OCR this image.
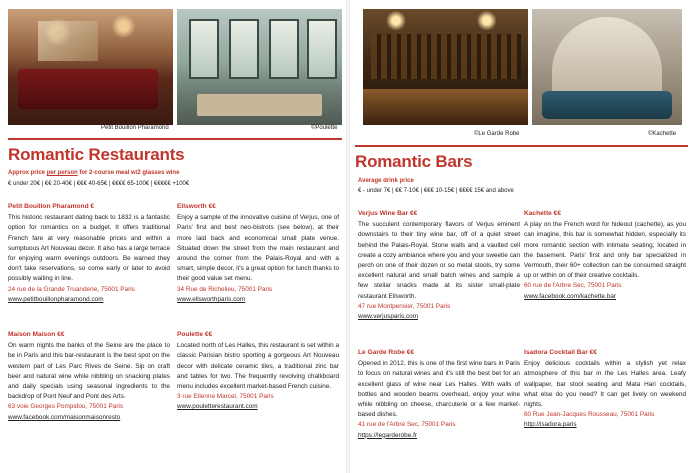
Petit Bouillon Pharamond	©Poulette
Romantic Restaurants
Approx price per person for 2-course meal w/2 glasses wine
€ under 20€ | €€ 20-40€ | €€€ 40-65€ | €€€€ 65-100€ | €€€€€ +100€
Petit Bouillon Pharamond €
This historic restaurant dating back to 1832 is a fantastic option for romantics on a budget. It offers traditional French fare at very reasonable prices and within a sumptuous Art Nouveau decor. It also has a large terrace for enjoying warm evenings outdoors. Be warned they don't take reservations, so come early or later to avoid possibly waiting in line.
24 rue de la Grande Truanderie, 75001 Paris
www.petitbouillonpharamond.com
Maison Maison €€
On warm nights the banks of the Seine are the place to be in Paris and this bar-restaurant is the best spot on the western part of Les Parc Rives de Seine. Sip on craft beer and natural wine while nibbling on snacking plates and daily specials using seasonal ingredients to the backdrop of Pont Neuf and Pont des Arts.
63 voie Georges Pompidou, 75001 Paris
www.facebook.com/maisonmaisonresto
Ellsworth €€
Enjoy a sample of the innovative cuisine of Verjus, one of Paris' first and best neo-bistrots (see below), at their more laid back and economical small plate venue. Situated down the street from the main restaurant and around the corner from the Palais-Royal and with a smart, simple decor, it's a great option for lunch thanks to their good value set menu.
34 Rue de Richelieu, 75001 Paris
www.ellsworthparis.com
Poulette €€
Located north of Les Halles, this restaurant is set within a classic Parisian bistro sporting a gorgeous Art Nouveau decor with delicate ceramic tiles, a traditional zinc bar and tables for two. The frequently revolving chalkboard menu includes excellent market-based French cuisine.
3 rue Etienne Marcel, 75001 Paris
www.pouletterestaurant.com
©Le Garde Robe	©Kachette
Romantic Bars
Average drink price
€ - under 7€ | €€ 7-10€ | €€€ 10-15€ | €€€€ 15€ and above
Verjus Wine Bar €€
The succulent contemporary flavors of Verjus eminent downstairs to their tiny wine bar, off of a quiet street behind the Palais-Royal. Stone walls and a vaulted cell create a cozy ambiance where you and your sweetie can perch on one of their dozen or so metal stools, try some excellent natural and small batch wines and sample a few stellar snacks made at its sister small-plate restaurant Ellsworth.
47 rue Montpensier, 75001 Paris
www.verjusparis.com
Le Garde Robe €€
Opened in 2012, this is one of the first wine bars in Paris to focus on natural wines and it's still the best bet for an excellent glass of wine near Les Halles. With walls of bottles and wooden beams overhead, enjoy your wine while nibbling on cheese, charcuterie or a few market-based dishes.
41 rue de l'Arbre Sec, 75001 Paris
https://legarderobe.fr
Kachette €€
A play on the French word for hideout (cachette), as you can imagine, this bar is somewhat hidden, especially its more romantic section with intimate seating, located in the basement. Paris' first and only bar specialized in Vermouth, their 60+ collection can be consumed straight up or within on of their creative cocktails.
60 rue de l'Arbre Sec, 75001 Paris
www.facebook.com/kachette.bar
Isadora Cocktail Bar €€
Enjoy delicious cocktails within a stylish yet relax atmosphere of this bar in the Les Halles area. Leafy wallpaper, bar stool seating and Mata Hari cocktails, what else do you need? It can get lively on weekend nights.
60 Rue Jean-Jacques Rousseau, 75001 Paris
http://isadora.paris
